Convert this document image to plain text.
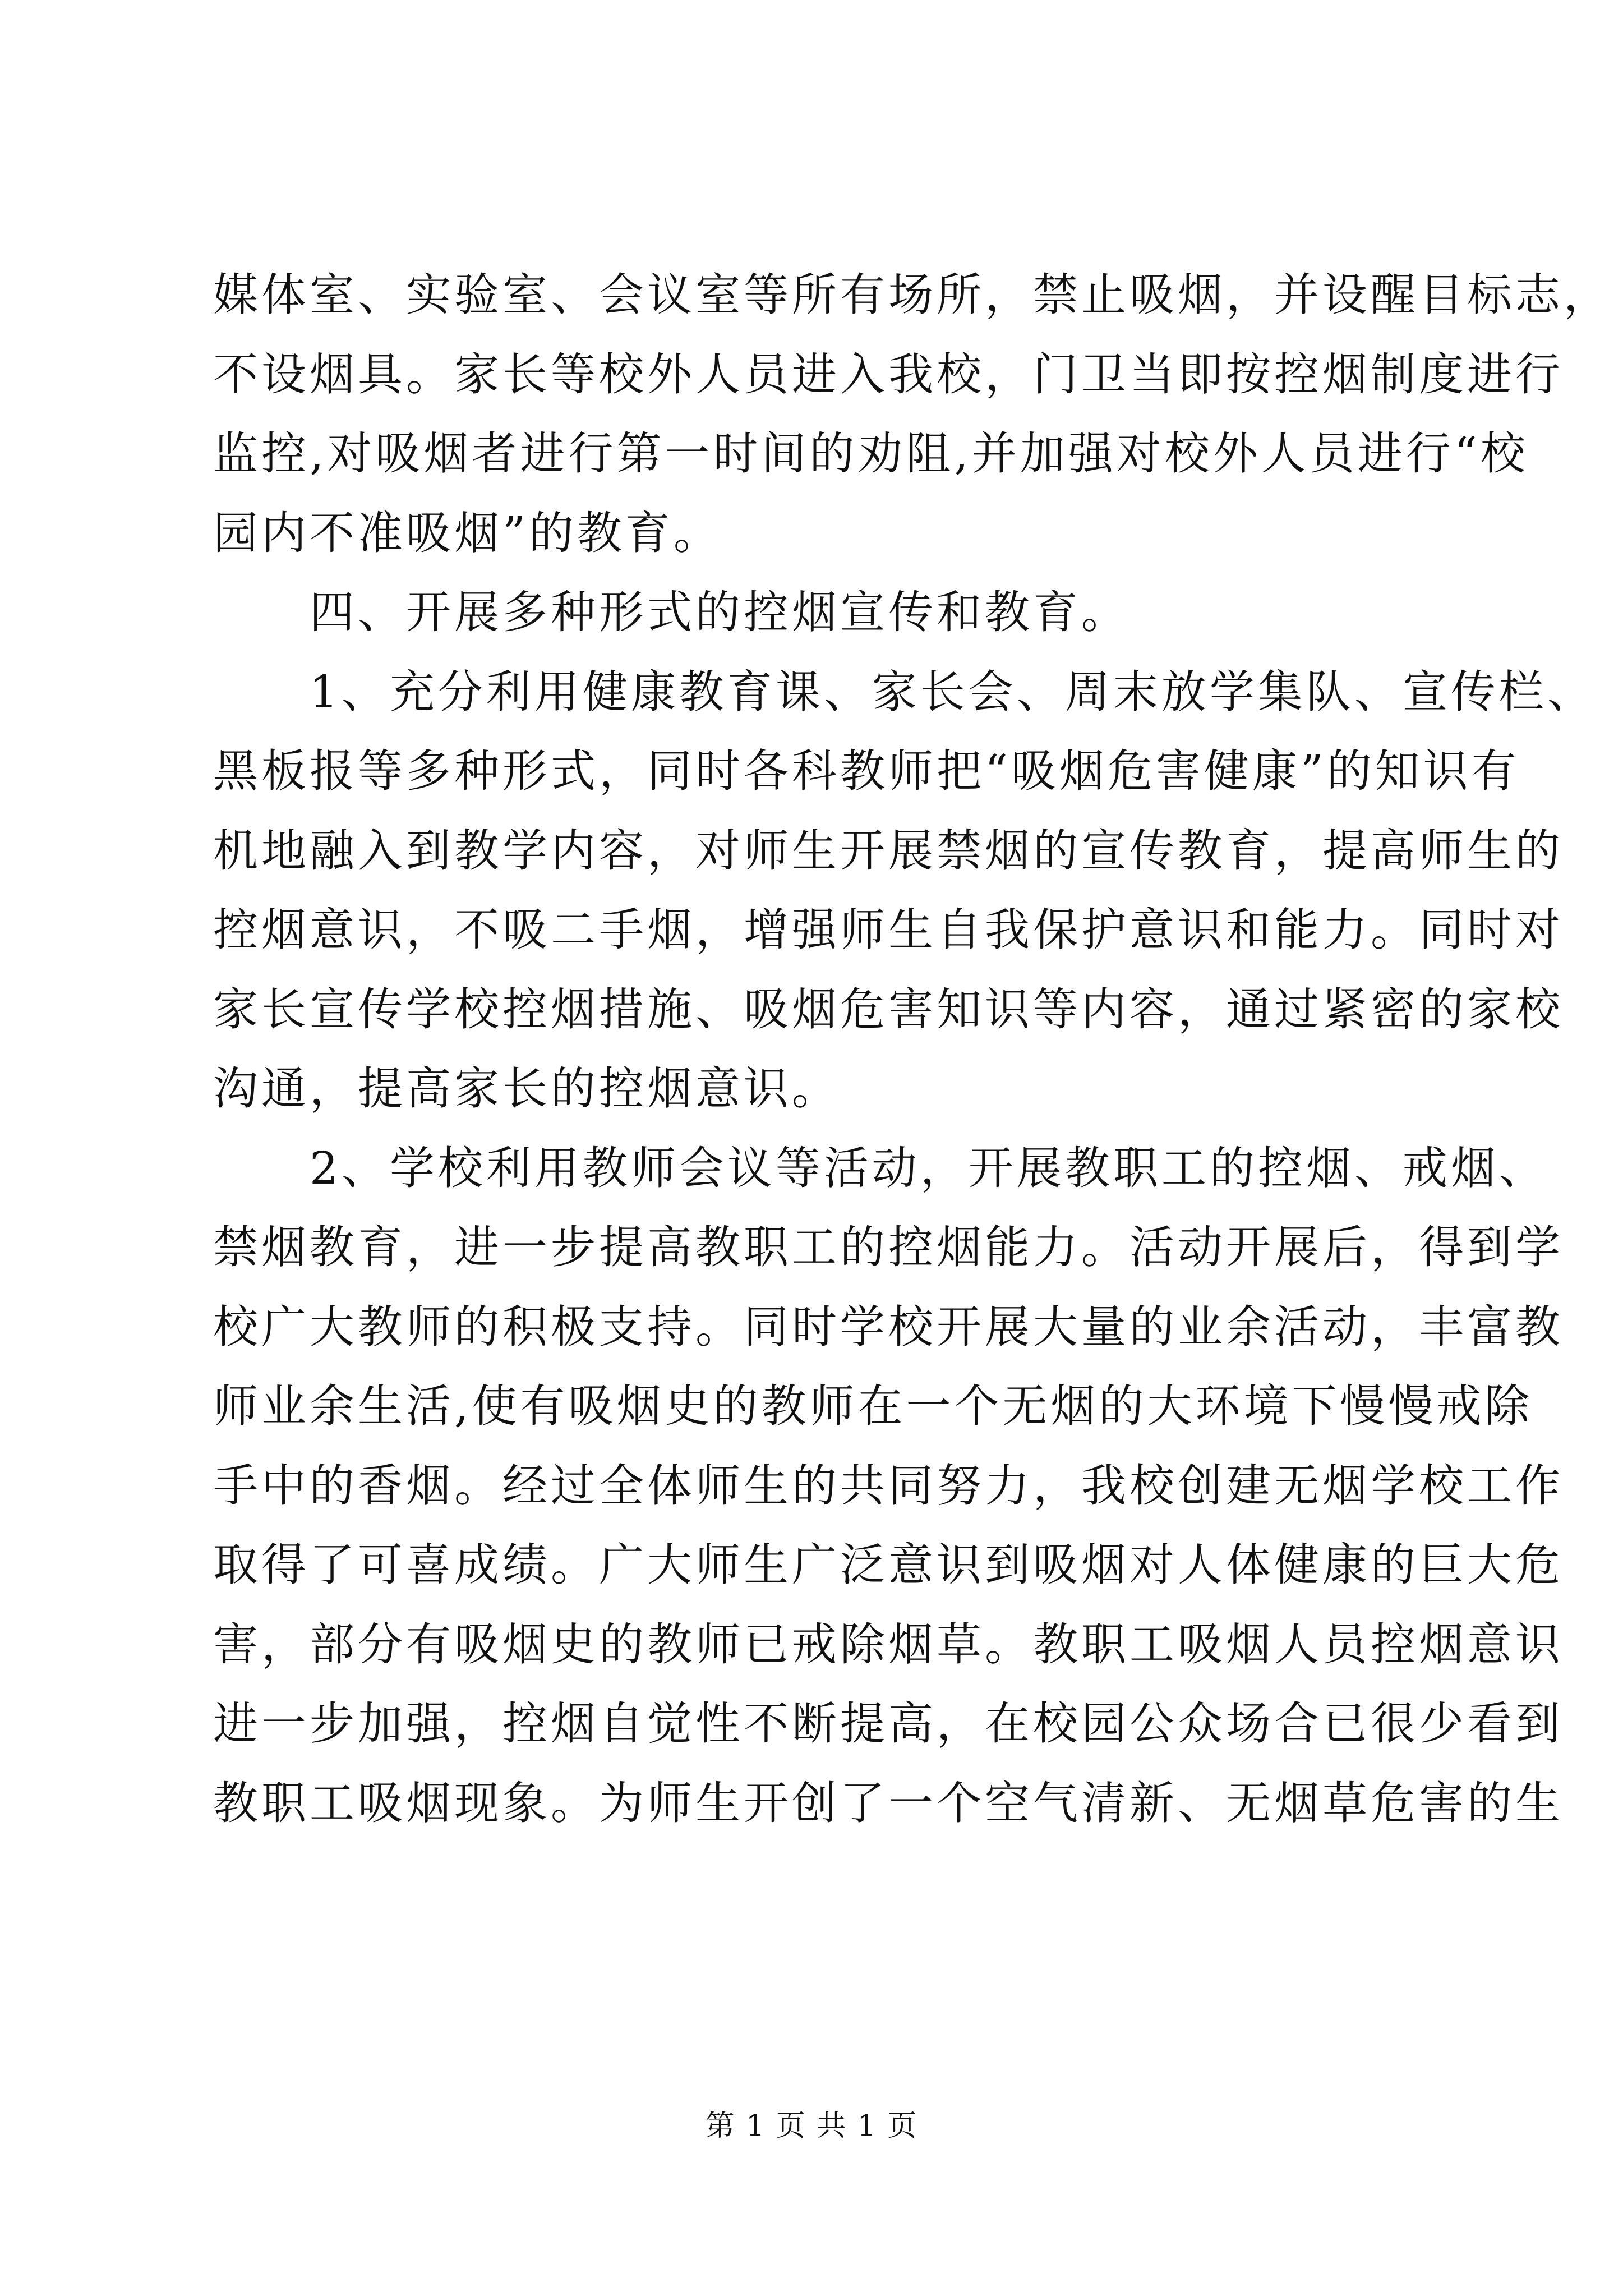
媒体室、实验室、会议室等所有场所，禁止吸烟，并设醒目标志，
不设烟具。家长等校外人员进入我校，门卫当即按控烟制度进行
监控,对吸烟者进行第一时间的劝阻,并加强对校外人员进行“校
园内不准吸烟”的教育。

四、开展多种形式的控烟宣传和教育。

1、充分利用健康教育课、家长会、周末放学集队、宣传栏、
黑板报等多种形式，同时各科教师把“吸烟危害健康”的知识有
机地融入到教学内容，对师生开展禁烟的宣传教育，提高师生的
控烟意识，不吸二手烟，增强师生自我保护意识和能力。同时对
家长宣传学校控烟措施、吸烟危害知识等内容，通过紧密的家校
沟通，提高家长的控烟意识。

2、学校利用教师会议等活动，开展教职工的控烟、戒烟、
禁烟教育，进一步提高教职工的控烟能力。活动开展后，得到学
校广大教师的积极支持。同时学校开展大量的业余活动，丰富教
师业余生活,使有吸烟史的教师在一个无烟的大环境下慢慢戒除
手中的香烟。经过全体师生的共同努力，我校创建无烟学校工作
取得了可喜成绩。广大师生广泛意识到吸烟对人体健康的巨大危
害，部分有吸烟史的教师已戒除烟草。教职工吸烟人员控烟意识
进一步加强，控烟自觉性不断提高，在校园公众场合已很少看到
教职工吸烟现象。为师生开创了一个空气清新、无烟草危害的生

第 1 页 共 1 页
